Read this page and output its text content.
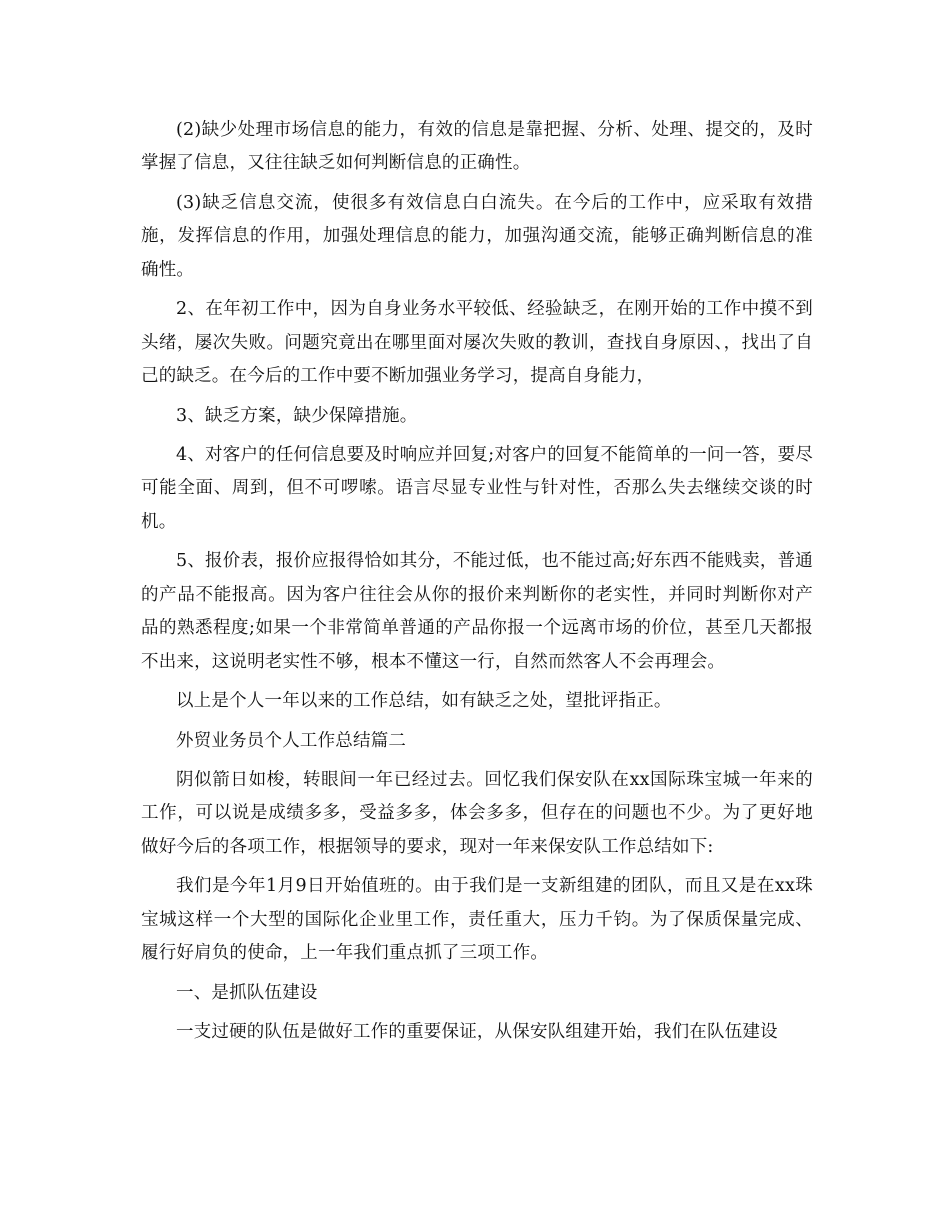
(2)缺少处理市场信息的能力，有效的信息是靠把握、分析、处理、提交的，及时掌握了信息，又往往缺乏如何判断信息的正确性。

(3)缺乏信息交流，使很多有效信息白白流失。在今后的工作中，应采取有效措施，发挥信息的作用，加强处理信息的能力，加强沟通交流，能够正确判断信息的准确性。

2、在年初工作中，因为自身业务水平较低、经验缺乏，在刚开始的工作中摸不到头绪，屡次失败。问题究竟出在哪里面对屡次失败的教训，查找自身原因、，找出了自己的缺乏。在今后的工作中要不断加强业务学习，提高自身能力，

3、缺乏方案，缺少保障措施。

4、对客户的任何信息要及时响应并回复;对客户的回复不能简单的一问一答，要尽可能全面、周到，但不可啰嗦。语言尽显专业性与针对性，否那么失去继续交谈的时机。

5、报价表，报价应报得恰如其分，不能过低，也不能过高;好东西不能贱卖，普通的产品不能报高。因为客户往往会从你的报价来判断你的老实性，并同时判断你对产品的熟悉程度;如果一个非常简单普通的产品你报一个远离市场的价位，甚至几天都报不出来，这说明老实性不够，根本不懂这一行，自然而然客人不会再理会。

以上是个人一年以来的工作总结，如有缺乏之处，望批评指正。

外贸业务员个人工作总结篇二

阴似箭日如梭，转眼间一年已经过去。回忆我们保安队在xx国际珠宝城一年来的工作，可以说是成绩多多，受益多多，体会多多，但存在的问题也不少。为了更好地做好今后的各项工作，根据领导的要求，现对一年来保安队工作总结如下:

我们是今年1月9日开始值班的。由于我们是一支新组建的团队，而且又是在xx珠宝城这样一个大型的国际化企业里工作，责任重大，压力千钧。为了保质保量完成、履行好肩负的使命，上一年我们重点抓了三项工作。

一、是抓队伍建设

一支过硬的队伍是做好工作的重要保证，从保安队组建开始，我们在队伍建设
